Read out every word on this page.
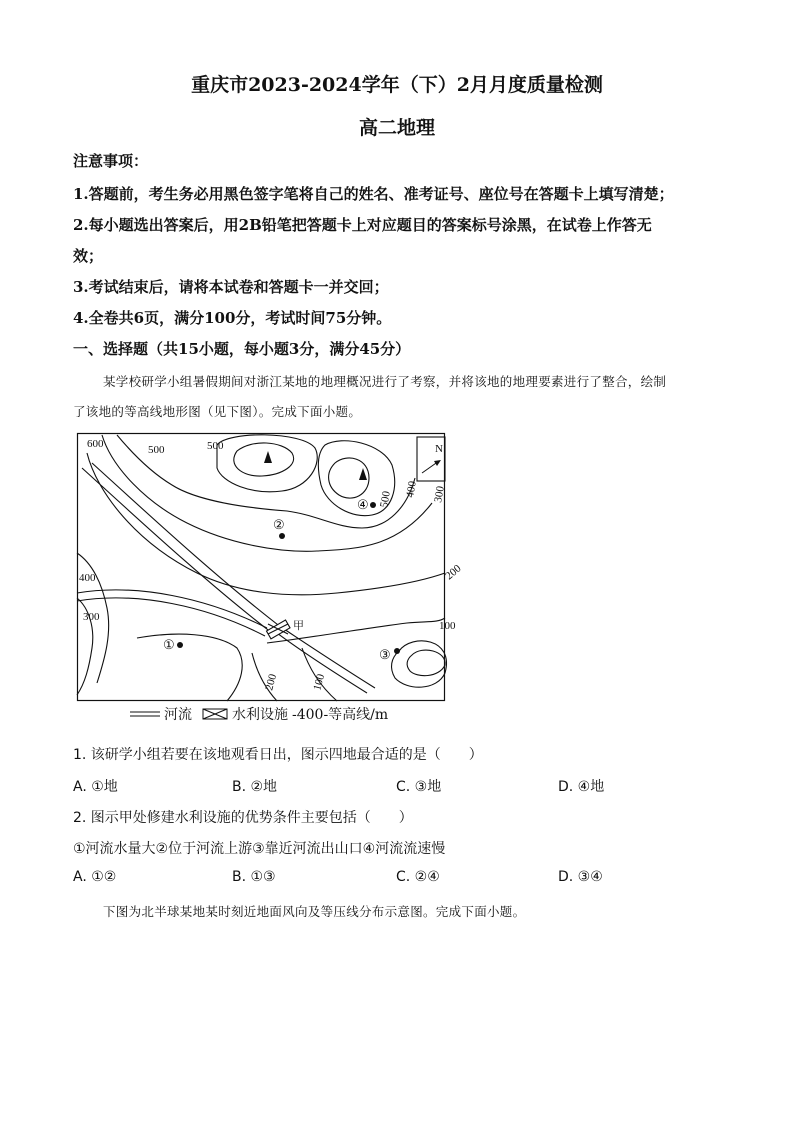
重庆市2023-2024学年（下）2月月度质量检测
高二地理
注意事项：
1.答题前，考生务必用黑色签字笔将自己的姓名、准考证号、座位号在答题卡上填写清楚；
2.每小题选出答案后，用2B铅笔把答题卡上对应题目的答案标号涂黑，在试卷上作答无
效；
3.考试结束后，请将本试卷和答题卡一并交回；
4.全卷共6页，满分100分，考试时间75分钟。
一、选择题（共15小题，每小题3分，满分45分）
某学校研学小组暑假期间对浙江某地的地理概况进行了考察，并将该地的地理要素进行了整合，绘制
了该地的等高线地形图（见下图）。完成下面小题。
600	500	500
500
400 300
400
300
200
100
200	100
①
②
③
④
甲
N
河流	水利设施 -400-等高线/m
1. 该研学小组若要在该地观看日出，图示四地最合适的是（　　）
A. ①地	B. ②地	C. ③地	D. ④地
2. 图示甲处修建水利设施的优势条件主要包括（　　）
①河流水量大②位于河流上游③靠近河流出山口④河流流速慢
A. ①②	B. ①③	C. ②④	D. ③④
下图为北半球某地某时刻近地面风向及等压线分布示意图。完成下面小题。
